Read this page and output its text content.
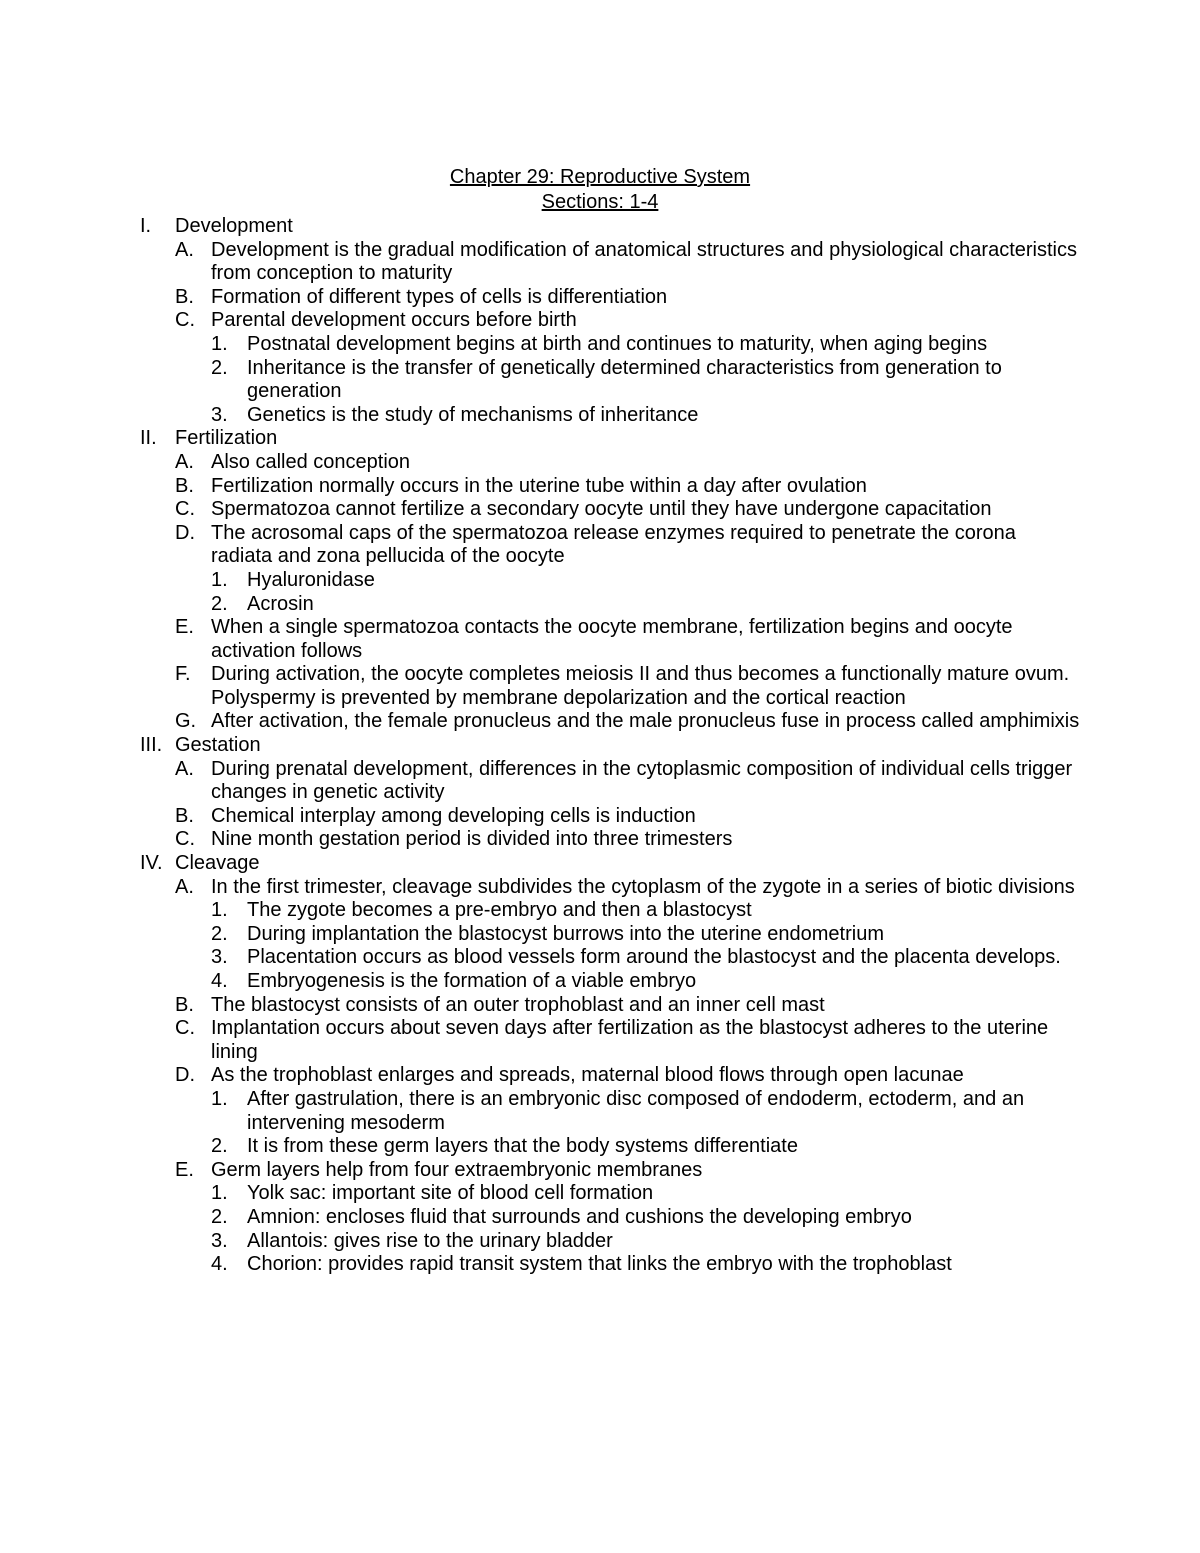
Chapter 29: Reproductive System
Sections: 1-4
I. Development
A. Development is the gradual modification of anatomical structures and physiological characteristics from conception to maturity
B. Formation of different types of cells is differentiation
C. Parental development occurs before birth
1. Postnatal development begins at birth and continues to maturity, when aging begins
2. Inheritance is the transfer of genetically determined characteristics from generation to generation
3. Genetics is the study of mechanisms of inheritance
II. Fertilization
A. Also called conception
B. Fertilization normally occurs in the uterine tube within a day after ovulation
C. Spermatozoa cannot fertilize a secondary oocyte until they have undergone capacitation
D. The acrosomal caps of the spermatozoa release enzymes required to penetrate the corona radiata and zona pellucida of the oocyte
1. Hyaluronidase
2. Acrosin
E. When a single spermatozoa contacts the oocyte membrane, fertilization begins and oocyte activation follows
F. During activation, the oocyte completes meiosis II and thus becomes a functionally mature ovum. Polyspermy is prevented by membrane depolarization and the cortical reaction
G. After activation, the female pronucleus and the male pronucleus fuse in process called amphimixis
III. Gestation
A. During prenatal development, differences in the cytoplasmic composition of individual cells trigger changes in genetic activity
B. Chemical interplay among developing cells is induction
C. Nine month gestation period is divided into three trimesters
IV. Cleavage
A. In the first trimester, cleavage subdivides the cytoplasm of the zygote in a series of biotic divisions
1. The zygote becomes a pre-embryo and then a blastocyst
2. During implantation the blastocyst burrows into the uterine endometrium
3. Placentation occurs as blood vessels form around the blastocyst and the placenta develops.
4. Embryogenesis is the formation of a viable embryo
B. The blastocyst consists of an outer trophoblast and an inner cell mast
C. Implantation occurs about seven days after fertilization as the blastocyst adheres to the uterine lining
D. As the trophoblast enlarges and spreads, maternal blood flows through open lacunae
1. After gastrulation, there is an embryonic disc composed of endoderm, ectoderm, and an intervening mesoderm
2. It is from these germ layers that the body systems differentiate
E. Germ layers help from four extraembryonic membranes
1. Yolk sac: important site of blood cell formation
2. Amnion: encloses fluid that surrounds and cushions the developing embryo
3. Allantois: gives rise to the urinary bladder
4. Chorion: provides rapid transit system that links the embryo with the trophoblast
